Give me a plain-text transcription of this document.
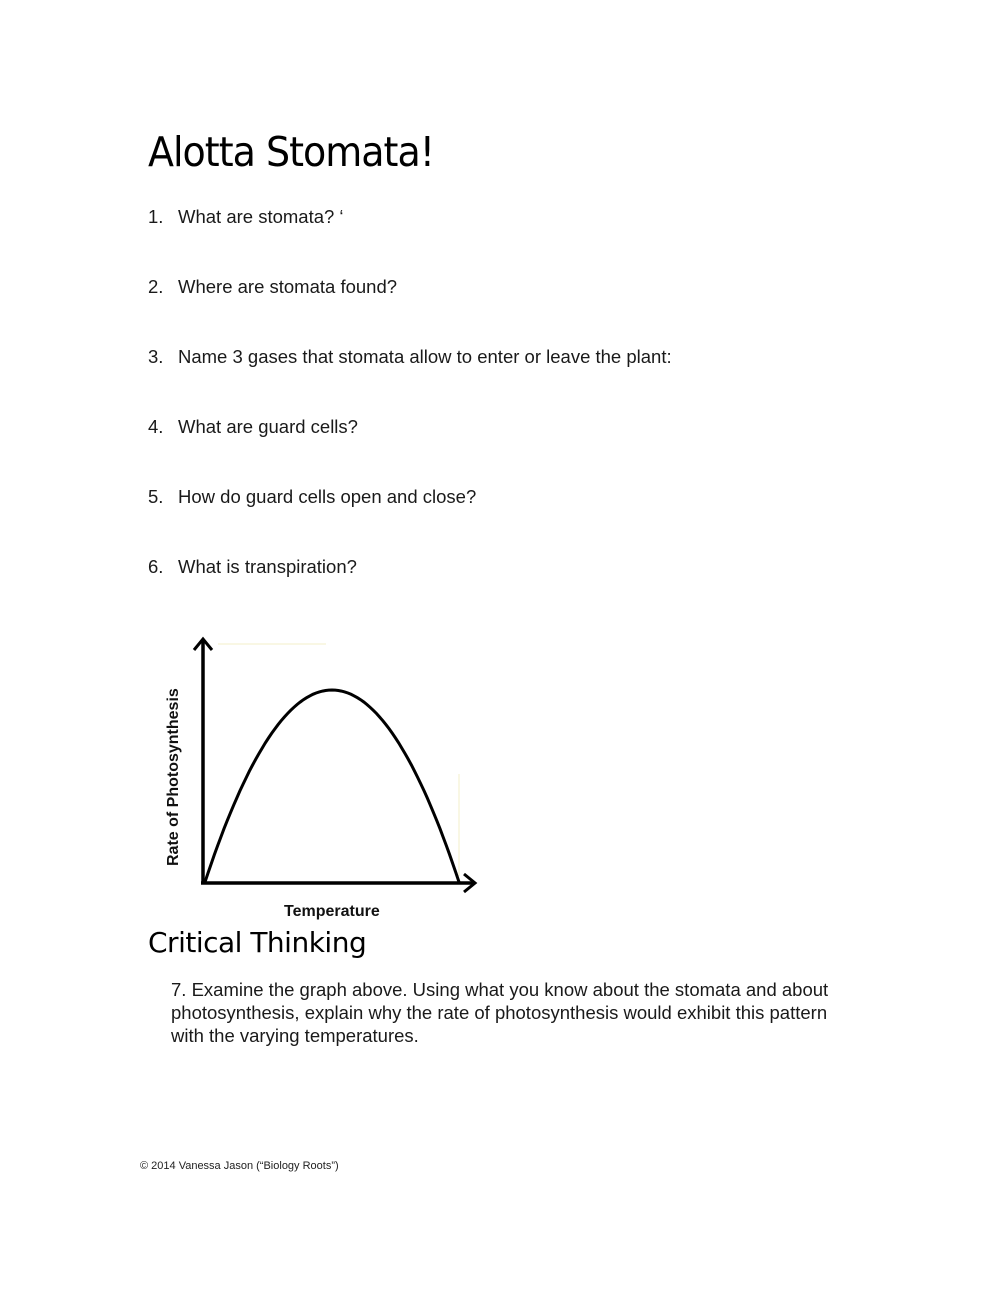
Alotta Stomata!
1. What are stomata? ‘
2. Where are stomata found?
3. Name 3 gases that stomata allow to enter or leave the plant:
4. What are guard cells?
5. How do guard cells open and close?
6. What is transpiration?
Temperature
Rate of Photosynthesis
Critical Thinking
7. Examine the graph above. Using what you know about the stomata and about photosynthesis, explain why the rate of photosynthesis would exhibit this pattern with the varying temperatures.
© 2014 Vanessa Jason (“Biology Roots”)
